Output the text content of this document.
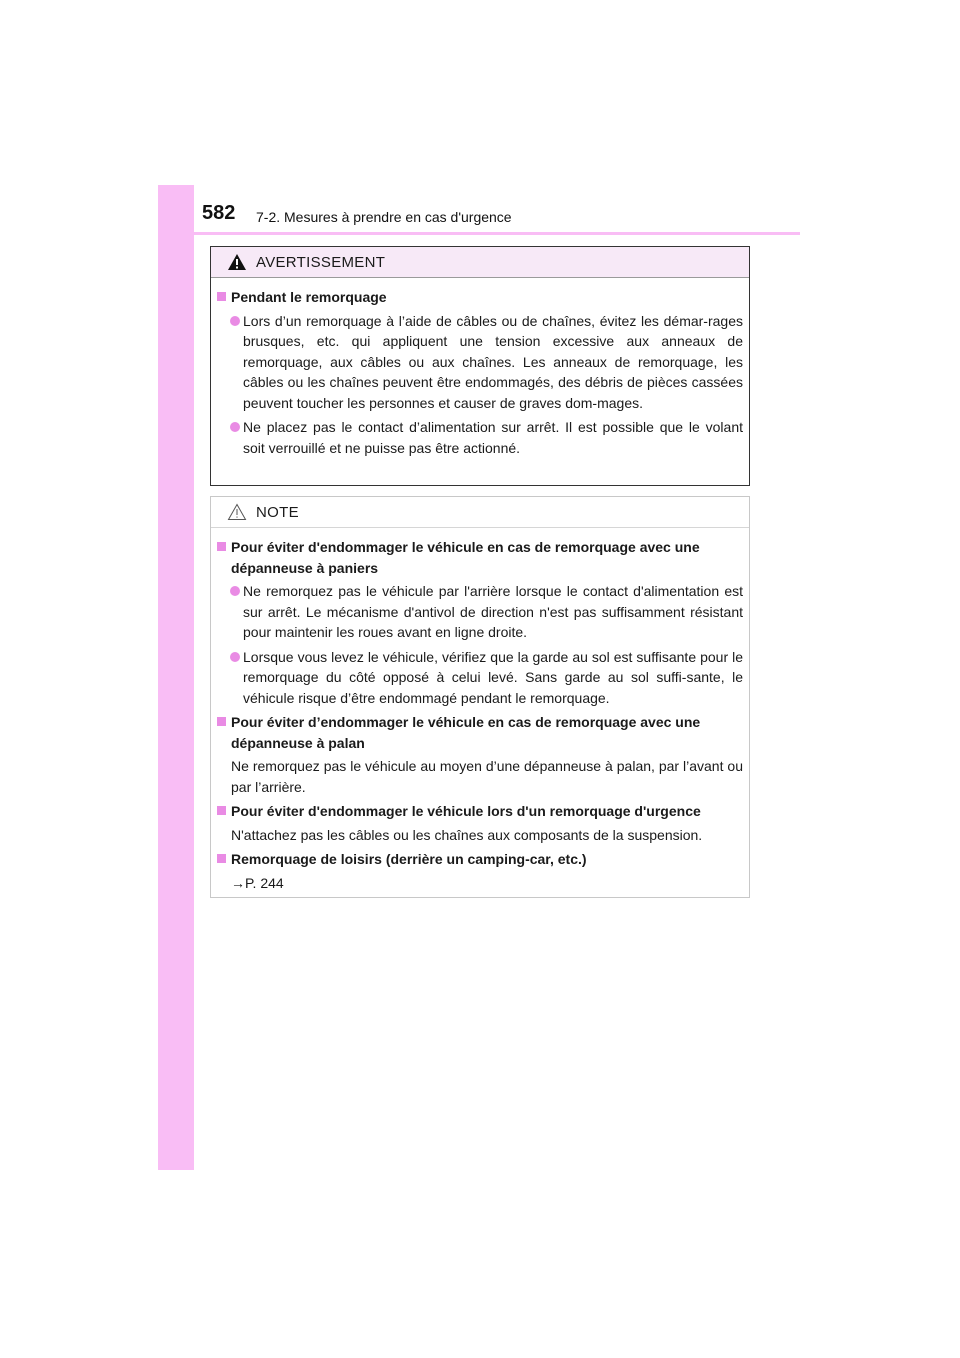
582 7-2. Mesures à prendre en cas d'urgence
AVERTISSEMENT
Pendant le remorquage
Lors d’un remorquage à l’aide de câbles ou de chaînes, évitez les démar-rages brusques, etc. qui appliquent une tension excessive aux anneaux de remorquage, aux câbles ou aux chaînes. Les anneaux de remorquage, les câbles ou les chaînes peuvent être endommagés, des débris de pièces cassées peuvent toucher les personnes et causer de graves dom-mages.
Ne placez pas le contact d’alimentation sur arrêt. Il est possible que le volant soit verrouillé et ne puisse pas être actionné.
NOTE
Pour éviter d'endommager le véhicule en cas de remorquage avec une dépanneuse à paniers
Ne remorquez pas le véhicule par l'arrière lorsque le contact d'alimentation est sur arrêt. Le mécanisme d'antivol de direction n'est pas suffisamment résistant pour maintenir les roues avant en ligne droite.
Lorsque vous levez le véhicule, vérifiez que la garde au sol est suffisante pour le remorquage du côté opposé à celui levé. Sans garde au sol suffi-sante, le véhicule risque d’être endommagé pendant le remorquage.
Pour éviter d’endommager le véhicule en cas de remorquage avec une dépanneuse à palan
Ne remorquez pas le véhicule au moyen d’une dépanneuse à palan, par l’avant ou par l’arrière.
Pour éviter d'endommager le véhicule lors d'un remorquage d'urgence
N'attachez pas les câbles ou les chaînes aux composants de la suspension.
Remorquage de loisirs (derrière un camping-car, etc.)
→P. 244
